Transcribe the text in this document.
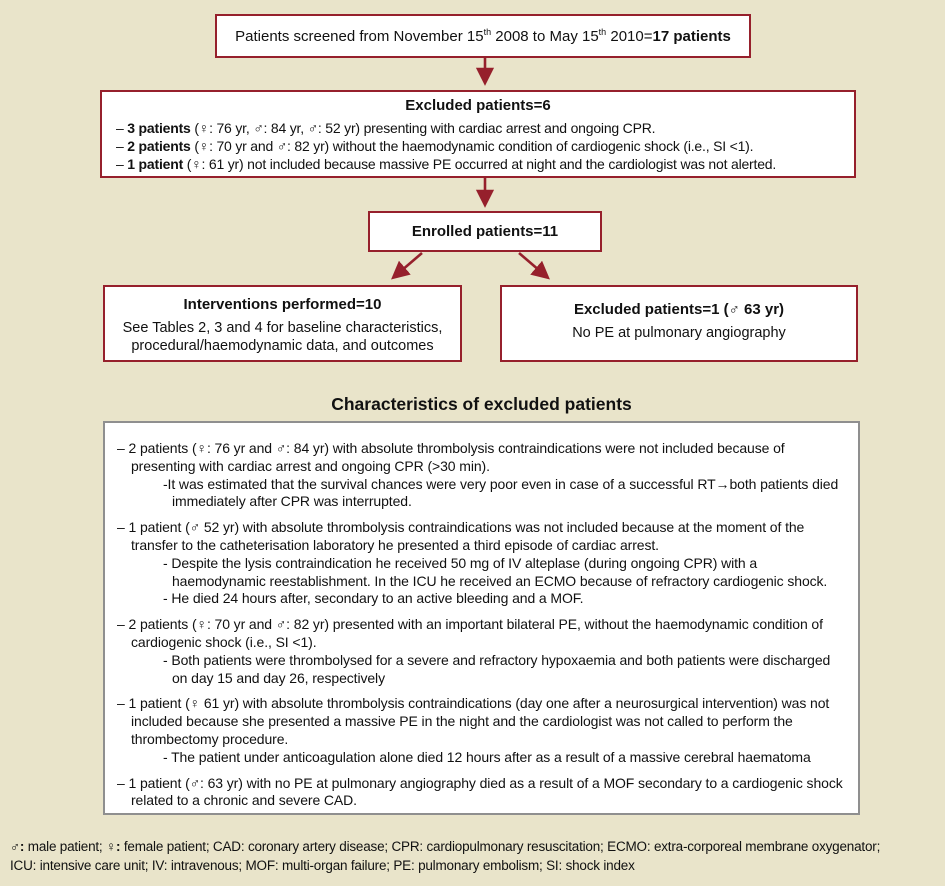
Patients screened from November 15th 2008 to May 15th 2010=17 patients
Excluded patients=6
– 3 patients (♀: 76 yr, ♂: 84 yr, ♂: 52 yr) presenting with cardiac arrest and ongoing CPR.
– 2 patients (♀: 70 yr and ♂: 82 yr) without the haemodynamic condition of cardiogenic shock (i.e., SI <1).
– 1 patient (♀: 61 yr) not included because massive PE occurred at night and the cardiologist was not alerted.
Enrolled patients=11
Interventions performed=10
See Tables 2, 3 and 4 for baseline characteristics, procedural/haemodynamic data, and outcomes
Excluded patients=1 (♂ 63 yr)
No PE at pulmonary angiography
Characteristics of excluded patients
– 2 patients (♀: 76 yr and ♂: 84 yr) with absolute thrombolysis contraindications were not included because of presenting with cardiac arrest and ongoing CPR (>30 min).
-It was estimated that the survival chances were very poor even in case of a successful RT→both patients died immediately after CPR was interrupted.
– 1 patient (♂ 52 yr) with absolute thrombolysis contraindications was not included because at the moment of the transfer to the catheterisation laboratory he presented a third episode of cardiac arrest.
- Despite the lysis contraindication he received 50 mg of IV alteplase (during ongoing CPR) with a haemodynamic reestablishment. In the ICU he received an ECMO because of refractory cardiogenic shock.
- He died 24 hours after, secondary to an active bleeding and a MOF.
– 2 patients (♀: 70 yr and ♂: 82 yr) presented with an important bilateral PE, without the haemodynamic condition of cardiogenic shock (i.e., SI <1).
- Both patients were thrombolysed for a severe and refractory hypoxaemia and both patients were discharged on day 15 and day 26, respectively
– 1 patient (♀ 61 yr) with absolute thrombolysis contraindications (day one after a neurosurgical intervention) was not included because she presented a massive PE in the night and the cardiologist was not called to perform the thrombectomy procedure.
- The patient under anticoagulation alone died 12 hours after as a result of a massive cerebral haematoma
– 1 patient (♂: 63 yr) with no PE at pulmonary angiography died as a result of a MOF secondary to a cardiogenic shock related to a chronic and severe CAD.
♂: male patient; ♀: female patient; CAD: coronary artery disease; CPR: cardiopulmonary resuscitation; ECMO: extra-corporeal membrane oxygenator;
ICU: intensive care unit; IV: intravenous; MOF: multi-organ failure; PE: pulmonary embolism; SI: shock index
